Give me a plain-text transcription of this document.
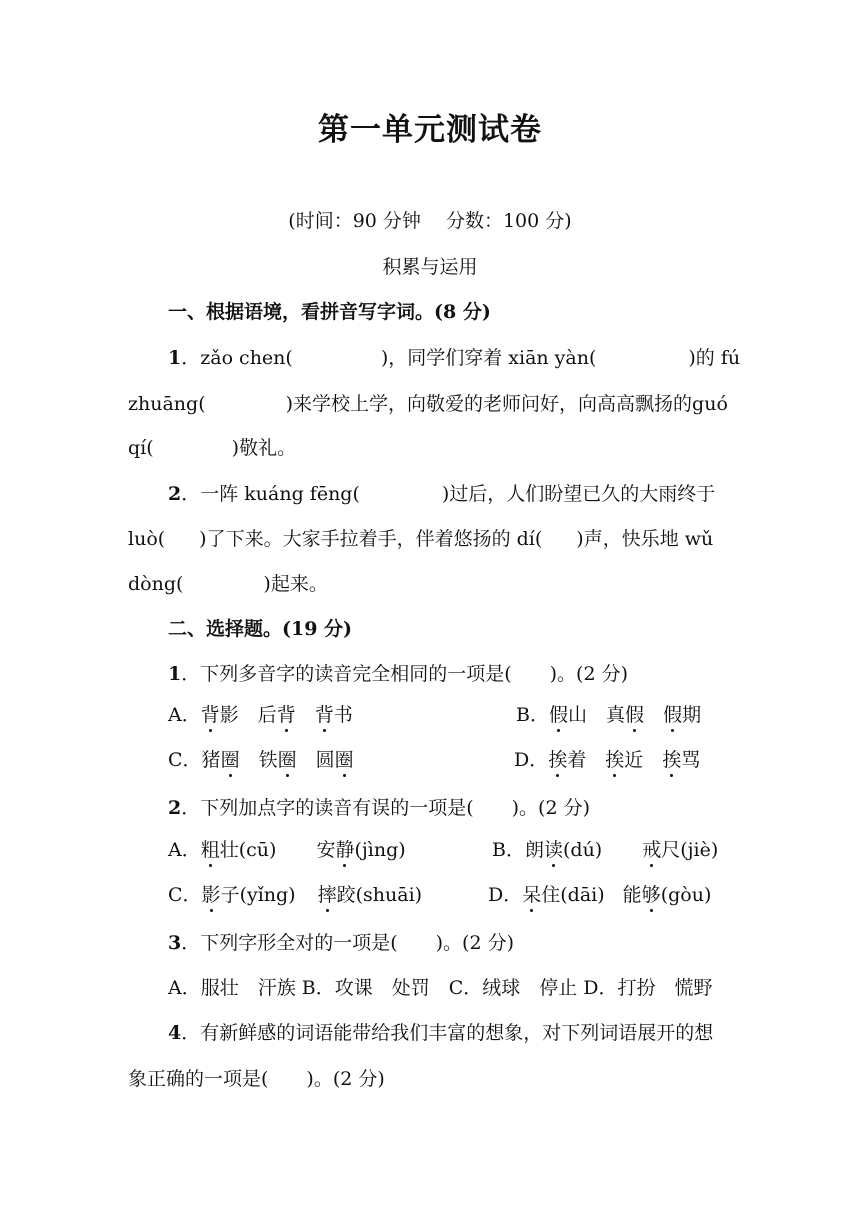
第一单元测试卷
(时间：90 分钟　 分数：100 分)
积累与运用
一、根据语境，看拼音写字词。(8 分)
1．zǎo chen(	)，同学们穿着 xiān yàn(	)的 fú
zhuāng(	)来学校上学，向敬爱的老师问好，向高高飘扬的guó
qí(	)敬礼。
2．一阵 kuáng fēng(	)过后，人们盼望已久的大雨终于
luò( )了下来。大家手拉着手，伴着悠扬的 dí( )声，快乐地 wǔ
dòng(	)起来。
二、选择题。(19 分)
1．下列多音字的读音完全相同的一项是(　　)。(2 分)
A．背影　 后背　 背书	B．假山　 真假　 假期
C．猪圈　 铁圈　 圆圈	D．挨着　 挨近　 挨骂
2．下列加点字的读音有误的一项是(　　)。(2 分)
A．粗壮(cū) 安静(jìng)	B．朗读(dú) 戒尺(jiè)
C．影子(yǐng) 摔跤(shuāi)	D．呆住(dāi) 能够(gòu)
3．下列字形全对的一项是(　　)。(2 分)
A．服壮　汗族 B．攻课　处罚　C．绒球　停止 D．打扮　慌野
4．有新鲜感的词语能带给我们丰富的想象，对下列词语展开的想
象正确的一项是(　　)。(2 分)
